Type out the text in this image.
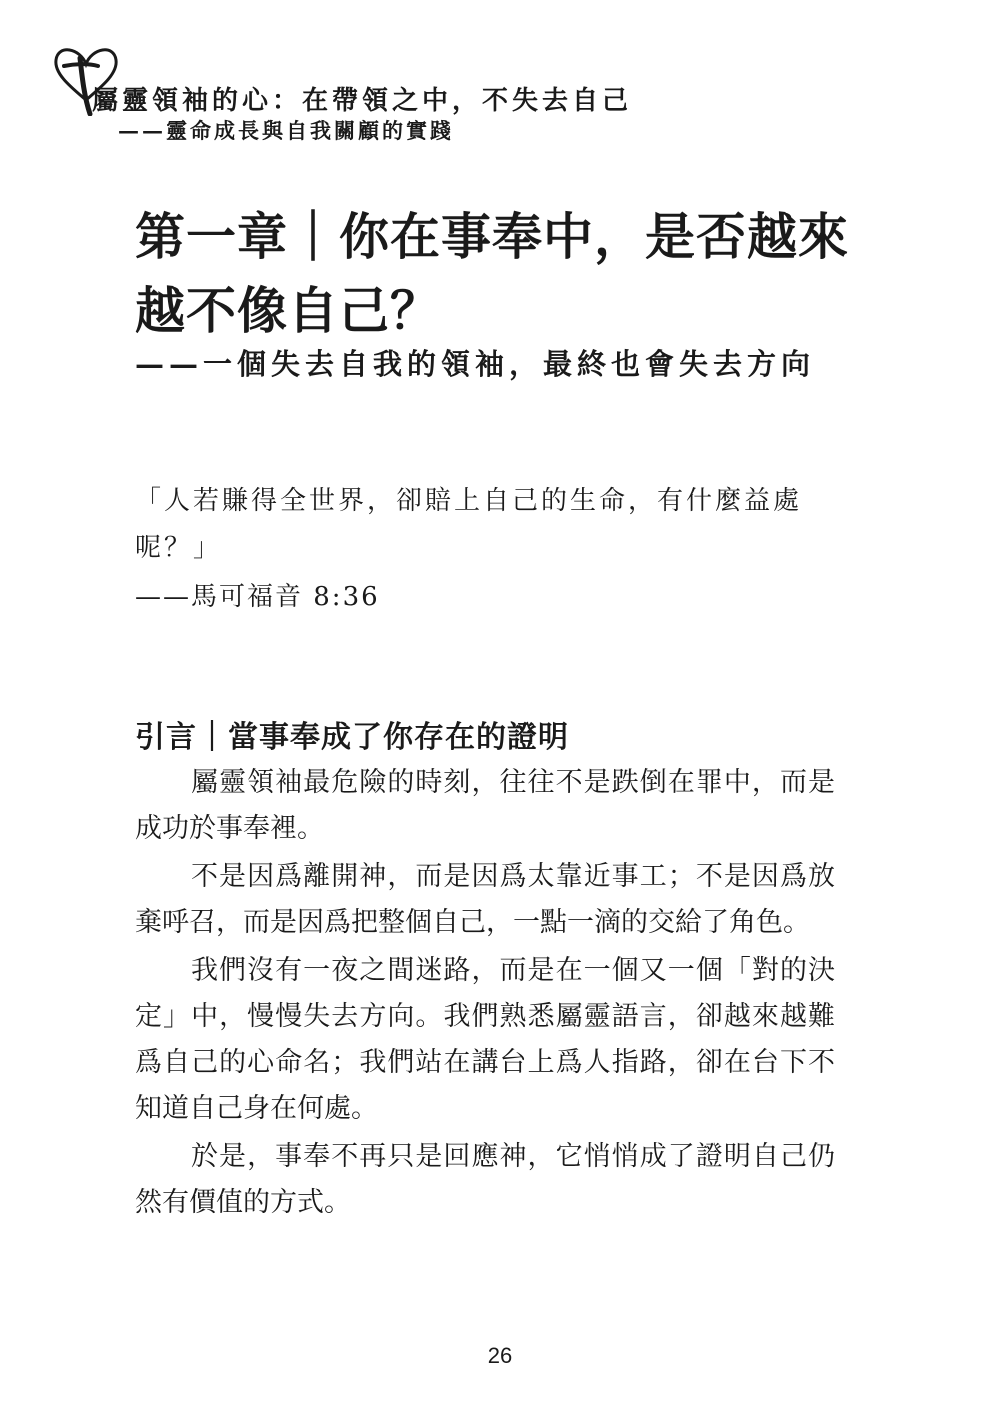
屬靈領袖的心：在帶領之中，不失去自己
——靈命成長與自我關顧的實踐
第一章｜你在事奉中，是否越來越不像自己？
——一個失去自我的領袖，最終也會失去方向

「人若賺得全世界，卻賠上自己的生命，有什麼益處呢？」

——馬可福音 8:36

引言｜當事奉成了你存在的證明

屬靈領袖最危險的時刻，往往不是跌倒在罪中，而是成功於事奉裡。

不是因爲離開神，而是因爲太靠近事工；不是因爲放棄呼召，而是因爲把整個自己，一點一滴的交給了角色。

我們沒有一夜之間迷路，而是在一個又一個「對的決定」中，慢慢失去方向。我們熟悉屬靈語言，卻越來越難爲自己的心命名；我們站在講台上爲人指路，卻在台下不知道自己身在何處。

於是，事奉不再只是回應神，它悄悄成了證明自己仍然有價值的方式。

26
